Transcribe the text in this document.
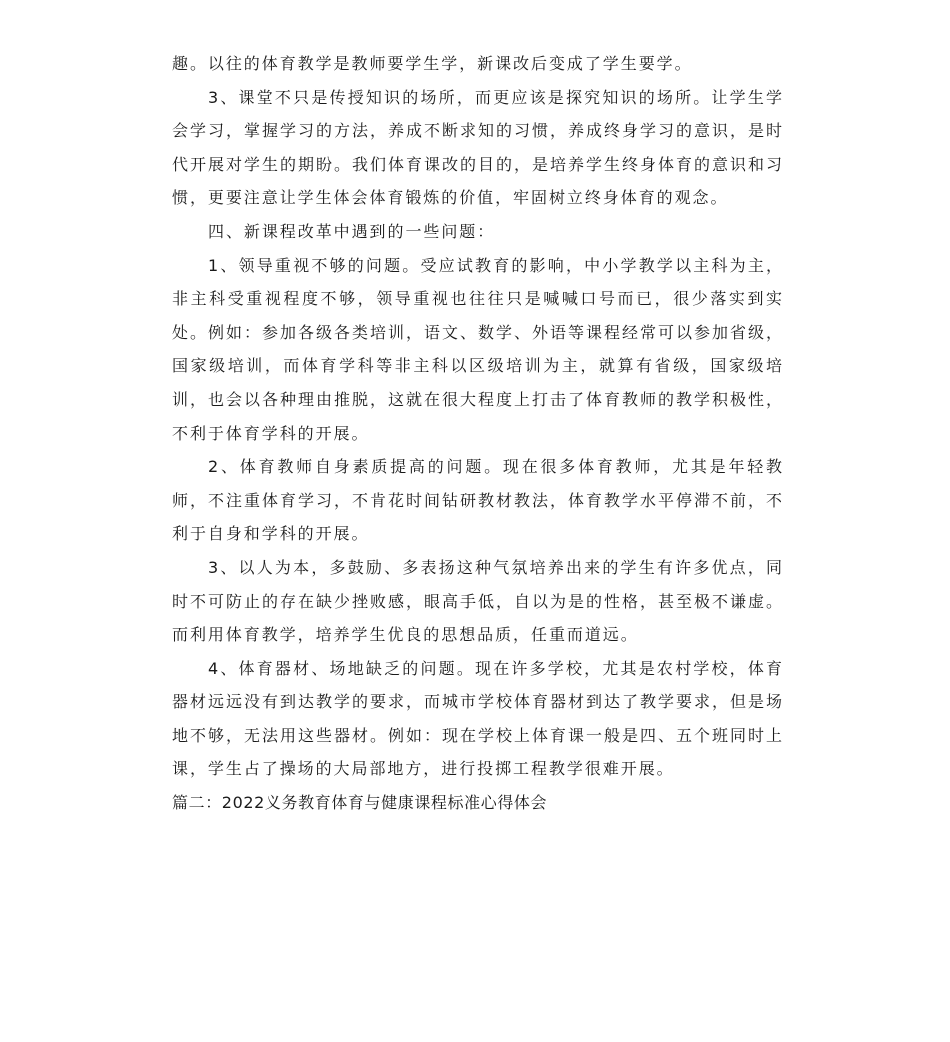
趣。以往的体育教学是教师要学生学，新课改后变成了学生要学。

3、课堂不只是传授知识的场所，而更应该是探究知识的场所。让学生学会学习，掌握学习的方法，养成不断求知的习惯，养成终身学习的意识，是时代开展对学生的期盼。我们体育课改的目的，是培养学生终身体育的意识和习惯，更要注意让学生体会体育锻炼的价值，牢固树立终身体育的观念。

四、新课程改革中遇到的一些问题：

1、领导重视不够的问题。受应试教育的影响，中小学教学以主科为主，非主科受重视程度不够，领导重视也往往只是喊喊口号而已，很少落实到实处。例如：参加各级各类培训，语文、数学、外语等课程经常可以参加省级，国家级培训，而体育学科等非主科以区级培训为主，就算有省级，国家级培训，也会以各种理由推脱，这就在很大程度上打击了体育教师的教学积极性，不利于体育学科的开展。

2、体育教师自身素质提高的问题。现在很多体育教师，尤其是年轻教师，不注重体育学习，不肯花时间钻研教材教法，体育教学水平停滞不前，不利于自身和学科的开展。

3、以人为本，多鼓励、多表扬这种气氛培养出来的学生有许多优点，同时不可防止的存在缺少挫败感，眼高手低，自以为是的性格，甚至极不谦虚。而利用体育教学，培养学生优良的思想品质，任重而道远。

4、体育器材、场地缺乏的问题。现在许多学校，尤其是农村学校，体育器材远远没有到达教学的要求，而城市学校体育器材到达了教学要求，但是场地不够，无法用这些器材。例如：现在学校上体育课一般是四、五个班同时上课，学生占了操场的大局部地方，进行投掷工程教学很难开展。

篇二：2022义务教育体育与健康课程标准心得体会
